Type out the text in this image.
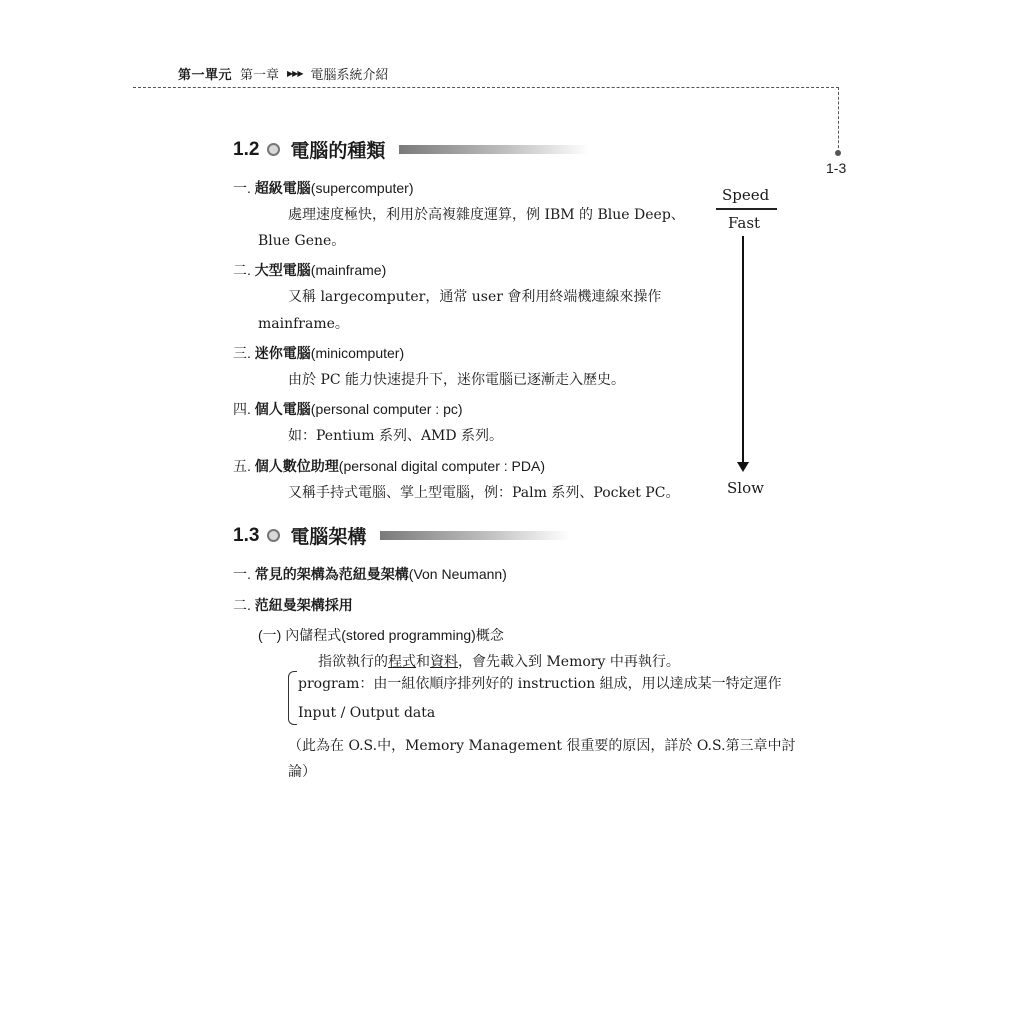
第一單元 第一章 ▶▶▶ 電腦系統介紹
1-3
1.2 電腦的種類
一. 超級電腦(supercomputer)
處理速度極快，利用於高複雜度運算，例 IBM 的 Blue Deep、
Blue Gene。
二. 大型電腦(mainframe)
又稱 largecomputer，通常 user 會利用終端機連線來操作
mainframe。
三. 迷你電腦(minicomputer)
由於 PC 能力快速提升下，迷你電腦已逐漸走入歷史。
四. 個人電腦(personal computer : pc)
如：Pentium 系列、AMD 系列。
五. 個人數位助理(personal digital computer : PDA)
又稱手持式電腦、掌上型電腦，例：Palm 系列、Pocket PC。
Speed
Fast
Slow
1.3 電腦架構
一. 常見的架構為范紐曼架構(Von Neumann)
二. 范紐曼架構採用
(一) 內儲程式(stored programming)概念
指欲執行的程式和資料，會先載入到 Memory 中再執行。
program：由一組依順序排列好的 instruction 組成，用以達成某一特定運作
Input / Output data
（此為在 O.S.中，Memory Management 很重要的原因，詳於 O.S.第三章中討
論）
